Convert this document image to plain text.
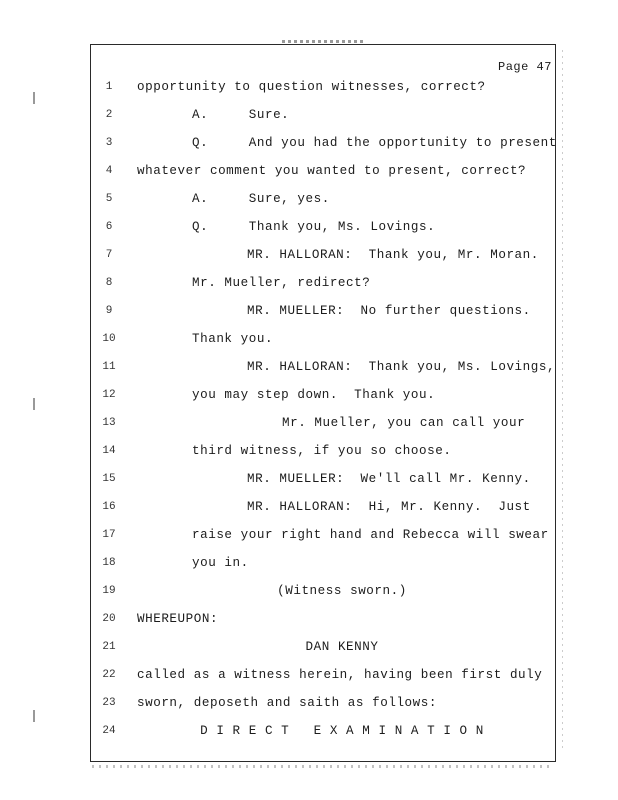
Page 47
1	opportunity to question witnesses, correct?
2	A.     Sure.
3	Q.     And you had the opportunity to present
4	whatever comment you wanted to present, correct?
5	A.     Sure, yes.
6	Q.     Thank you, Ms. Lovings.
7	MR. HALLORAN:  Thank you, Mr. Moran.
8	Mr. Mueller, redirect?
9	MR. MUELLER:  No further questions.
10	Thank you.
11	MR. HALLORAN:  Thank you, Ms. Lovings,
12	you may step down.  Thank you.
13	Mr. Mueller, you can call your
14	third witness, if you so choose.
15	MR. MUELLER:  We'll call Mr. Kenny.
16	MR. HALLORAN:  Hi, Mr. Kenny.  Just
17	raise your right hand and Rebecca will swear
18	you in.
19	(Witness sworn.)
20 WHEREUPON:
21	DAN KENNY
22 called as a witness herein, having been first duly
23 sworn, deposeth and saith as follows:
24	D I R E C T   E X A M I N A T I O N
